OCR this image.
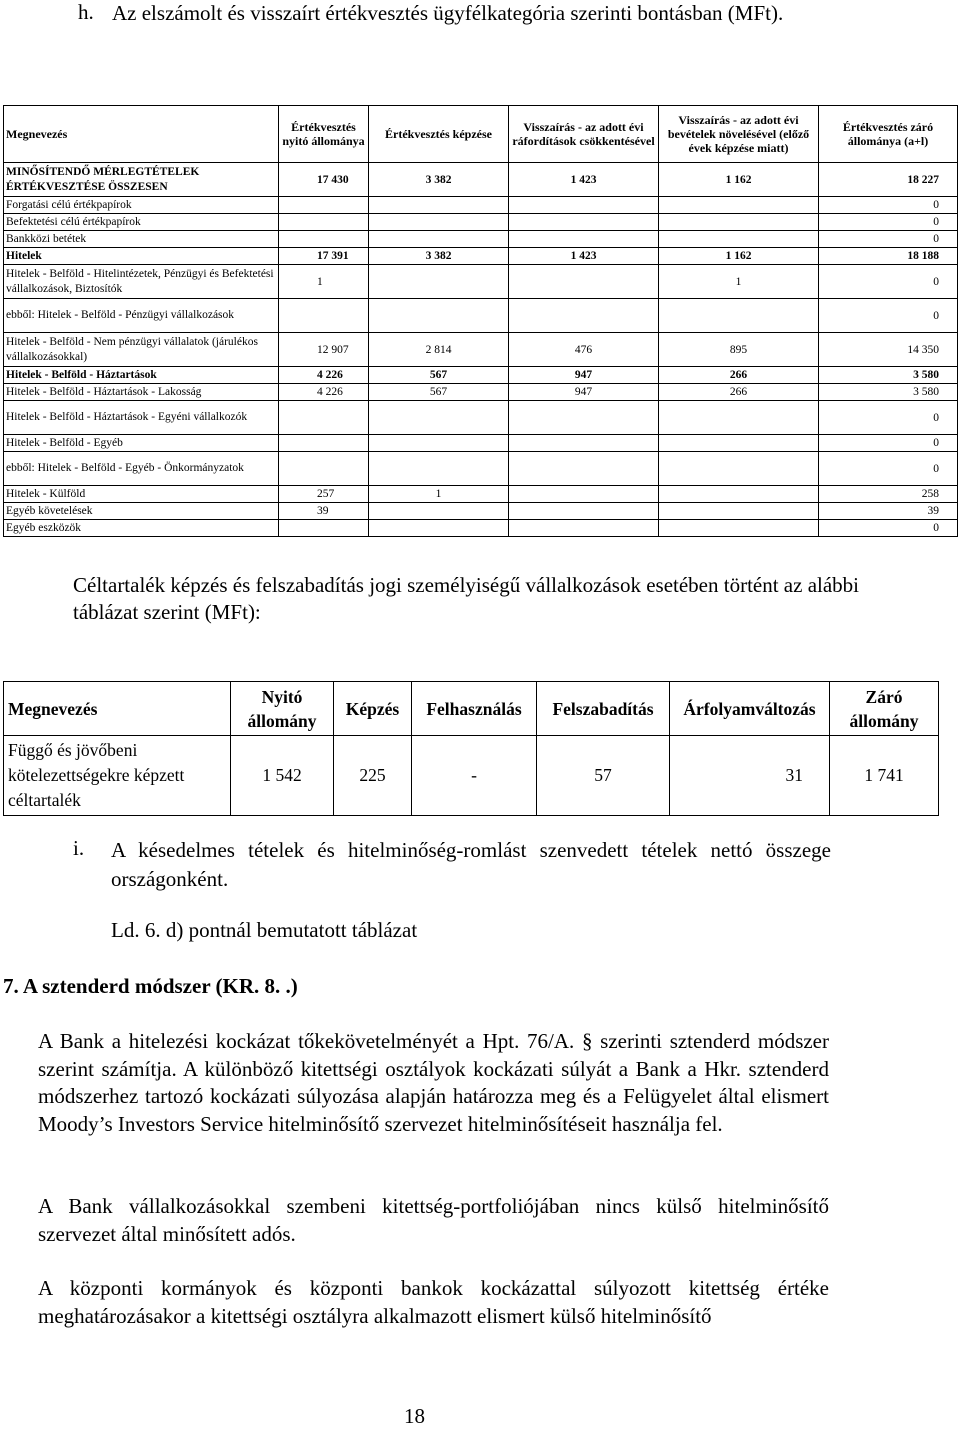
h. Az elszámolt és visszaírt értékvesztés ügyfélkategória szerinti bontásban (MFt).
Megnevezés	Értékvesztés nyitó állománya	Értékvesztés képzése	Visszaírás - az adott évi ráfordítások csökkentésével	Visszaírás - az adott évi bevételek növelésével (előző évek képzése miatt)	Értékvesztés záró állománya (a+l)
MINŐSÍTENDŐ MÉRLEGTÉTELEK ÉRTÉKVESZTÉSE ÖSSZESEN	17 430	3 382	1 423	1 162	18 227
Forgatási célú értékpapírok					0
Befektetési célú értékpapírok					0
Bankközi betétek					0
Hitelek	17 391	3 382	1 423	1 162	18 188
Hitelek - Belföld - Hitelintézetek, Pénzügyi és Befektetési vállalkozások, Biztosítók	1			1	0
ebből: Hitelek - Belföld - Pénzügyi vállalkozások					0
Hitelek - Belföld - Nem pénzügyi vállalatok (járulékos vállalkozásokkal)	12 907	2 814	476	895	14 350
Hitelek - Belföld - Háztartások	4 226	567	947	266	3 580
Hitelek - Belföld - Háztartások - Lakosság	4 226	567	947	266	3 580
Hitelek - Belföld - Háztartások - Egyéni vállalkozók					0
Hitelek - Belföld - Egyéb					0
ebből: Hitelek - Belföld - Egyéb - Önkormányzatok					0
Hitelek - Külföld	257	1			258
Egyéb követelések	39				39
Egyéb eszközök					0
Céltartalék képzés és felszabadítás jogi személyiségű vállalkozások esetében történt az alábbi táblázat szerint (MFt):
Megnevezés	Nyitó állomány	Képzés	Felhasználás	Felszabadítás	Árfolyamváltozás	Záró állomány
Függő és jövőbeni kötelezettségekre képzett céltartalék	1 542	225	-	57	31	1 741
i. A késedelmes tételek és hitelminőség-romlást szenvedett tételek nettó összege országonként.
Ld. 6. d) pontnál bemutatott táblázat
7. A sztenderd módszer (KR. 8. .)
A Bank a hitelezési kockázat tőkekövetelményét a Hpt. 76/A. § szerinti sztenderd módszer szerint számítja. A különböző kitettségi osztályok kockázati súlyát a Bank a Hkr. sztenderd módszerhez tartozó kockázati súlyozása alapján határozza meg és a Felügyelet által elismert Moody’s Investors Service hitelminősítő szervezet hitelminősítéseit használja fel.
A Bank vállalkozásokkal szembeni kitettség-portfoliójában nincs külső hitelminősítő szervezet által minősített adós.
A központi kormányok és központi bankok kockázattal súlyozott kitettség értéke meghatározásakor a kitettségi osztályra alkalmazott elismert külső hitelminősítő
18
